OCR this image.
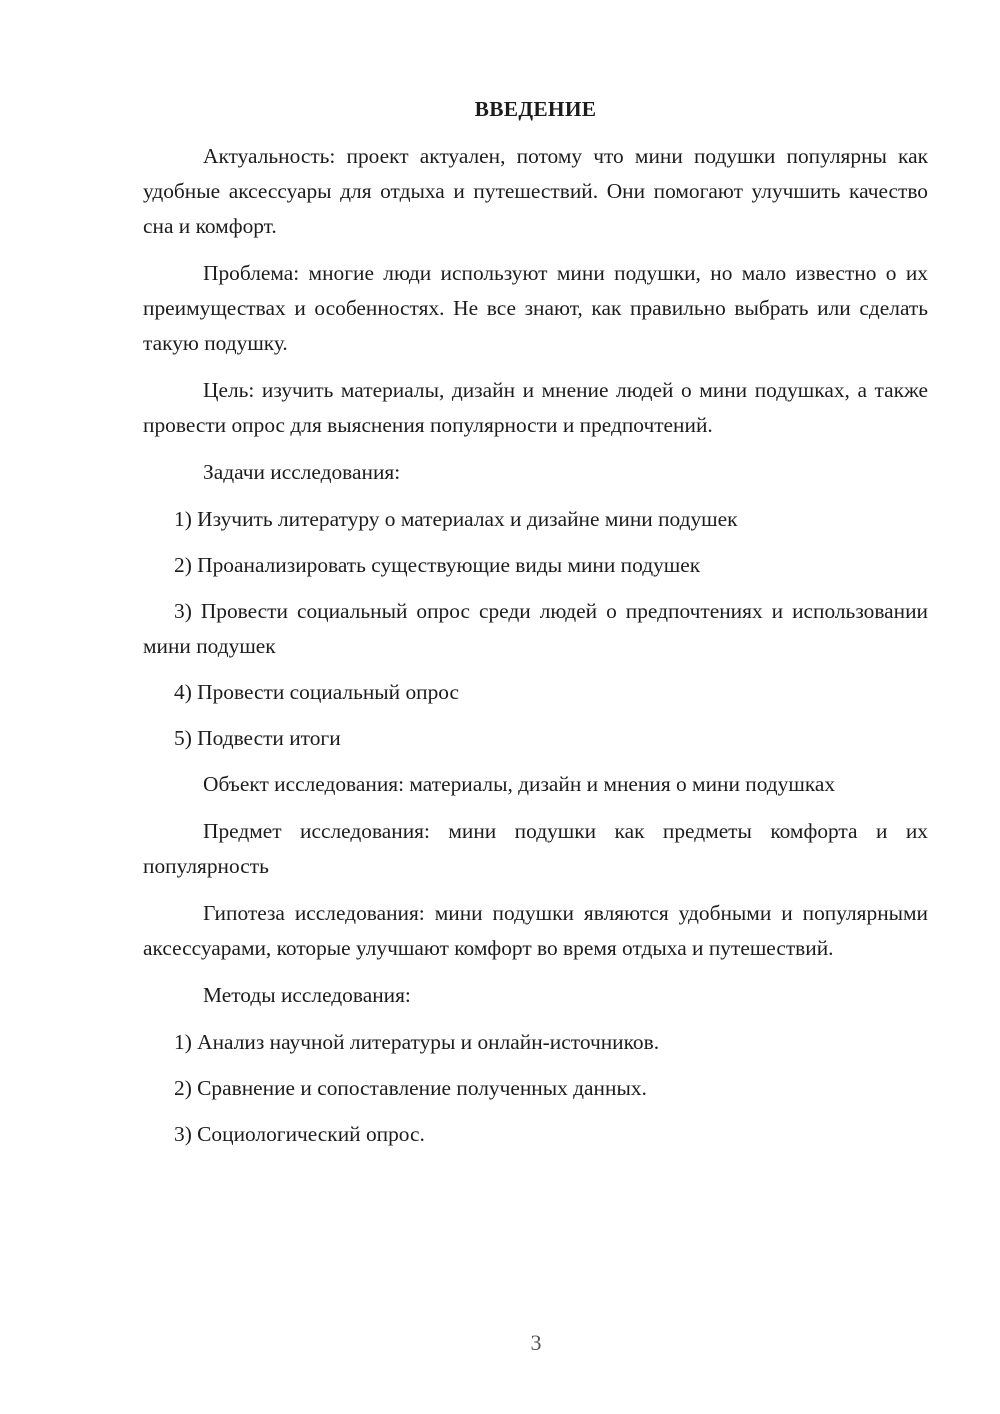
ВВЕДЕНИЕ

Актуальность: проект актуален, потому что мини подушки популярны как удобные аксессуары для отдыха и путешествий. Они помогают улучшить качество сна и комфорт.

Проблема: многие люди используют мини подушки, но мало известно о их преимуществах и особенностях. Не все знают, как правильно выбрать или сделать такую подушку.

Цель: изучить материалы, дизайн и мнение людей о мини подушках, а также провести опрос для выяснения популярности и предпочтений.

Задачи исследования:

1) Изучить литературу о материалах и дизайне мини подушек

2) Проанализировать существующие виды мини подушек

3) Провести социальный опрос среди людей о предпочтениях и использовании мини подушек

4) Провести социальный опрос

5) Подвести итоги

Объект исследования: материалы, дизайн и мнения о мини подушках

Предмет исследования: мини подушки как предметы комфорта и их популярность

Гипотеза исследования: мини подушки являются удобными и популярными аксессуарами, которые улучшают комфорт во время отдыха и путешествий.

Методы исследования:

1) Анализ научной литературы и онлайн-источников.

2) Сравнение и сопоставление полученных данных.

3) Социологический опрос.

3
